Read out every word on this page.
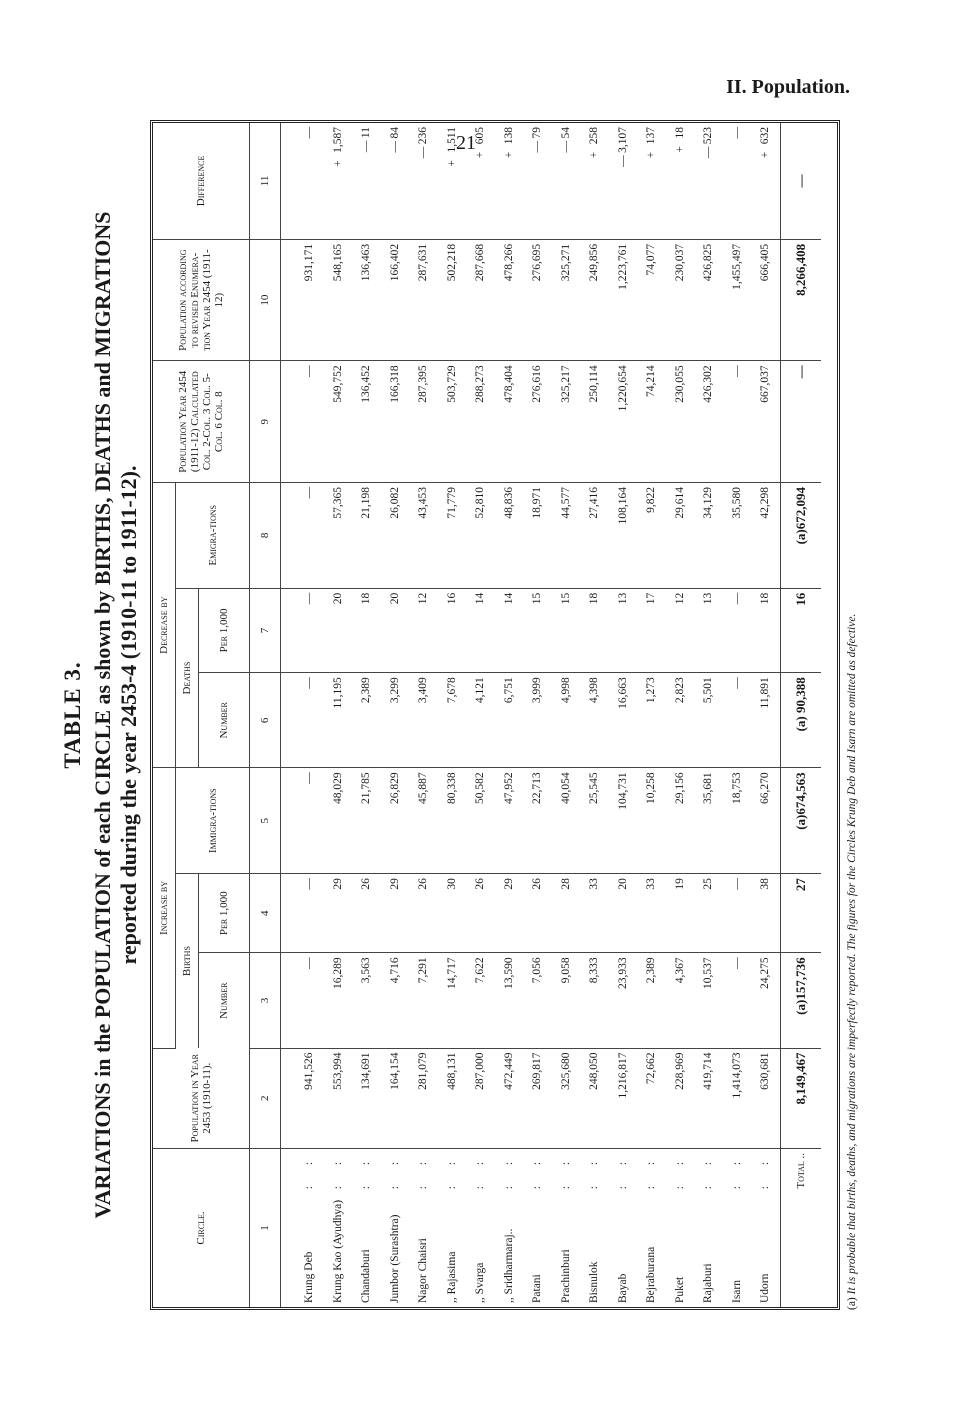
II. Population.
21
TABLE 3. VARIATIONS in the POPULATION of each CIRCLE as shown by BIRTHS, DEATHS and MIGRATIONS reported during the year 2453-4 (1910-11 to 1911-12).
Circle.	Population in Year 2453 (1910-11).	Increase by			Decrease by			Population Year 2454 (1911-12) Calculated Col. 2-Col. 3 Col. 5-Col. 6 Col. 8	Population according to revised Enumera-tion Year 2454 (1911-12)	Difference
		Births		Immigra-tions	Deaths		Emigra-tions			
		Number	Per 1,000		Number	Per 1,000				
1	2	3	4	5	6	7	8	9	10	11

: :
Krung Deb	941,526	—	—	—	—	—	—	—	931,171	—

: :
Krung Kao (Ayudhya)	553,994	16,289	29	48,029	11,195	20	57,365	549,752	548,165	+1,587

: :
Chandaburi	134,691	3,563	26	21,785	2,389	18	21,198	136,452	136,463	—11

: :
Jumbor (Surashtra)	164,154	4,716	29	26,829	3,299	20	26,082	166,318	166,402	—84

: :
Nagor Chaisri	281,079	7,291	26	45,887	3,409	12	43,453	287,395	287,631	—236

: :
,, Rajasima	488,131	14,717	30	80,338	7,678	16	71,779	503,729	502,218	+1,511

: :
,, Svarga	287,000	7,622	26	50,582	4,121	14	52,810	288,273	287,668	+605

: :
,, Sridharmaraj..	472,449	13,590	29	47,952	6,751	14	48,836	478,404	478,266	+138

: :
Patani	269,817	7,056	26	22,713	3,999	15	18,971	276,616	276,695	—79

: :
Prachinburi	325,680	9,058	28	40,054	4,998	15	44,577	325,217	325,271	—54

: :
Bisnulok	248,050	8,333	33	25,545	4,398	18	27,416	250,114	249,856	+258

: :
Bayab	1,216,817	23,933	20	104,731	16,663	13	108,164	1,220,654	1,223,761	—3,107

: :
Bejraburana	72,662	2,389	33	10,258	1,273	17	9,822	74,214	74,077	+137

: :
Puket	228,969	4,367	19	29,156	2,823	12	29,614	230,055	230,037	+18

: :
Rajaburi	419,714	10,537	25	35,681	5,501	13	34,129	426,302	426,825	—523

: :
Isarn	1,414,073	—	—	18,753	—	—	35,580	—	1,455,497	—

: :
Udorn	630,681	24,275	38	66,270	11,891	18	42,298	667,037	666,405	+632
Total ..	8,149,467	(a)157,736	27	(a)674,563	(a) 90,388	16	(a)672,094	—	8,266,408	—
(a) It is probable that births, deaths, and migrations are imperfectly reported. The figures for the Circles Krung Deb and Isarn are omitted as defective.
